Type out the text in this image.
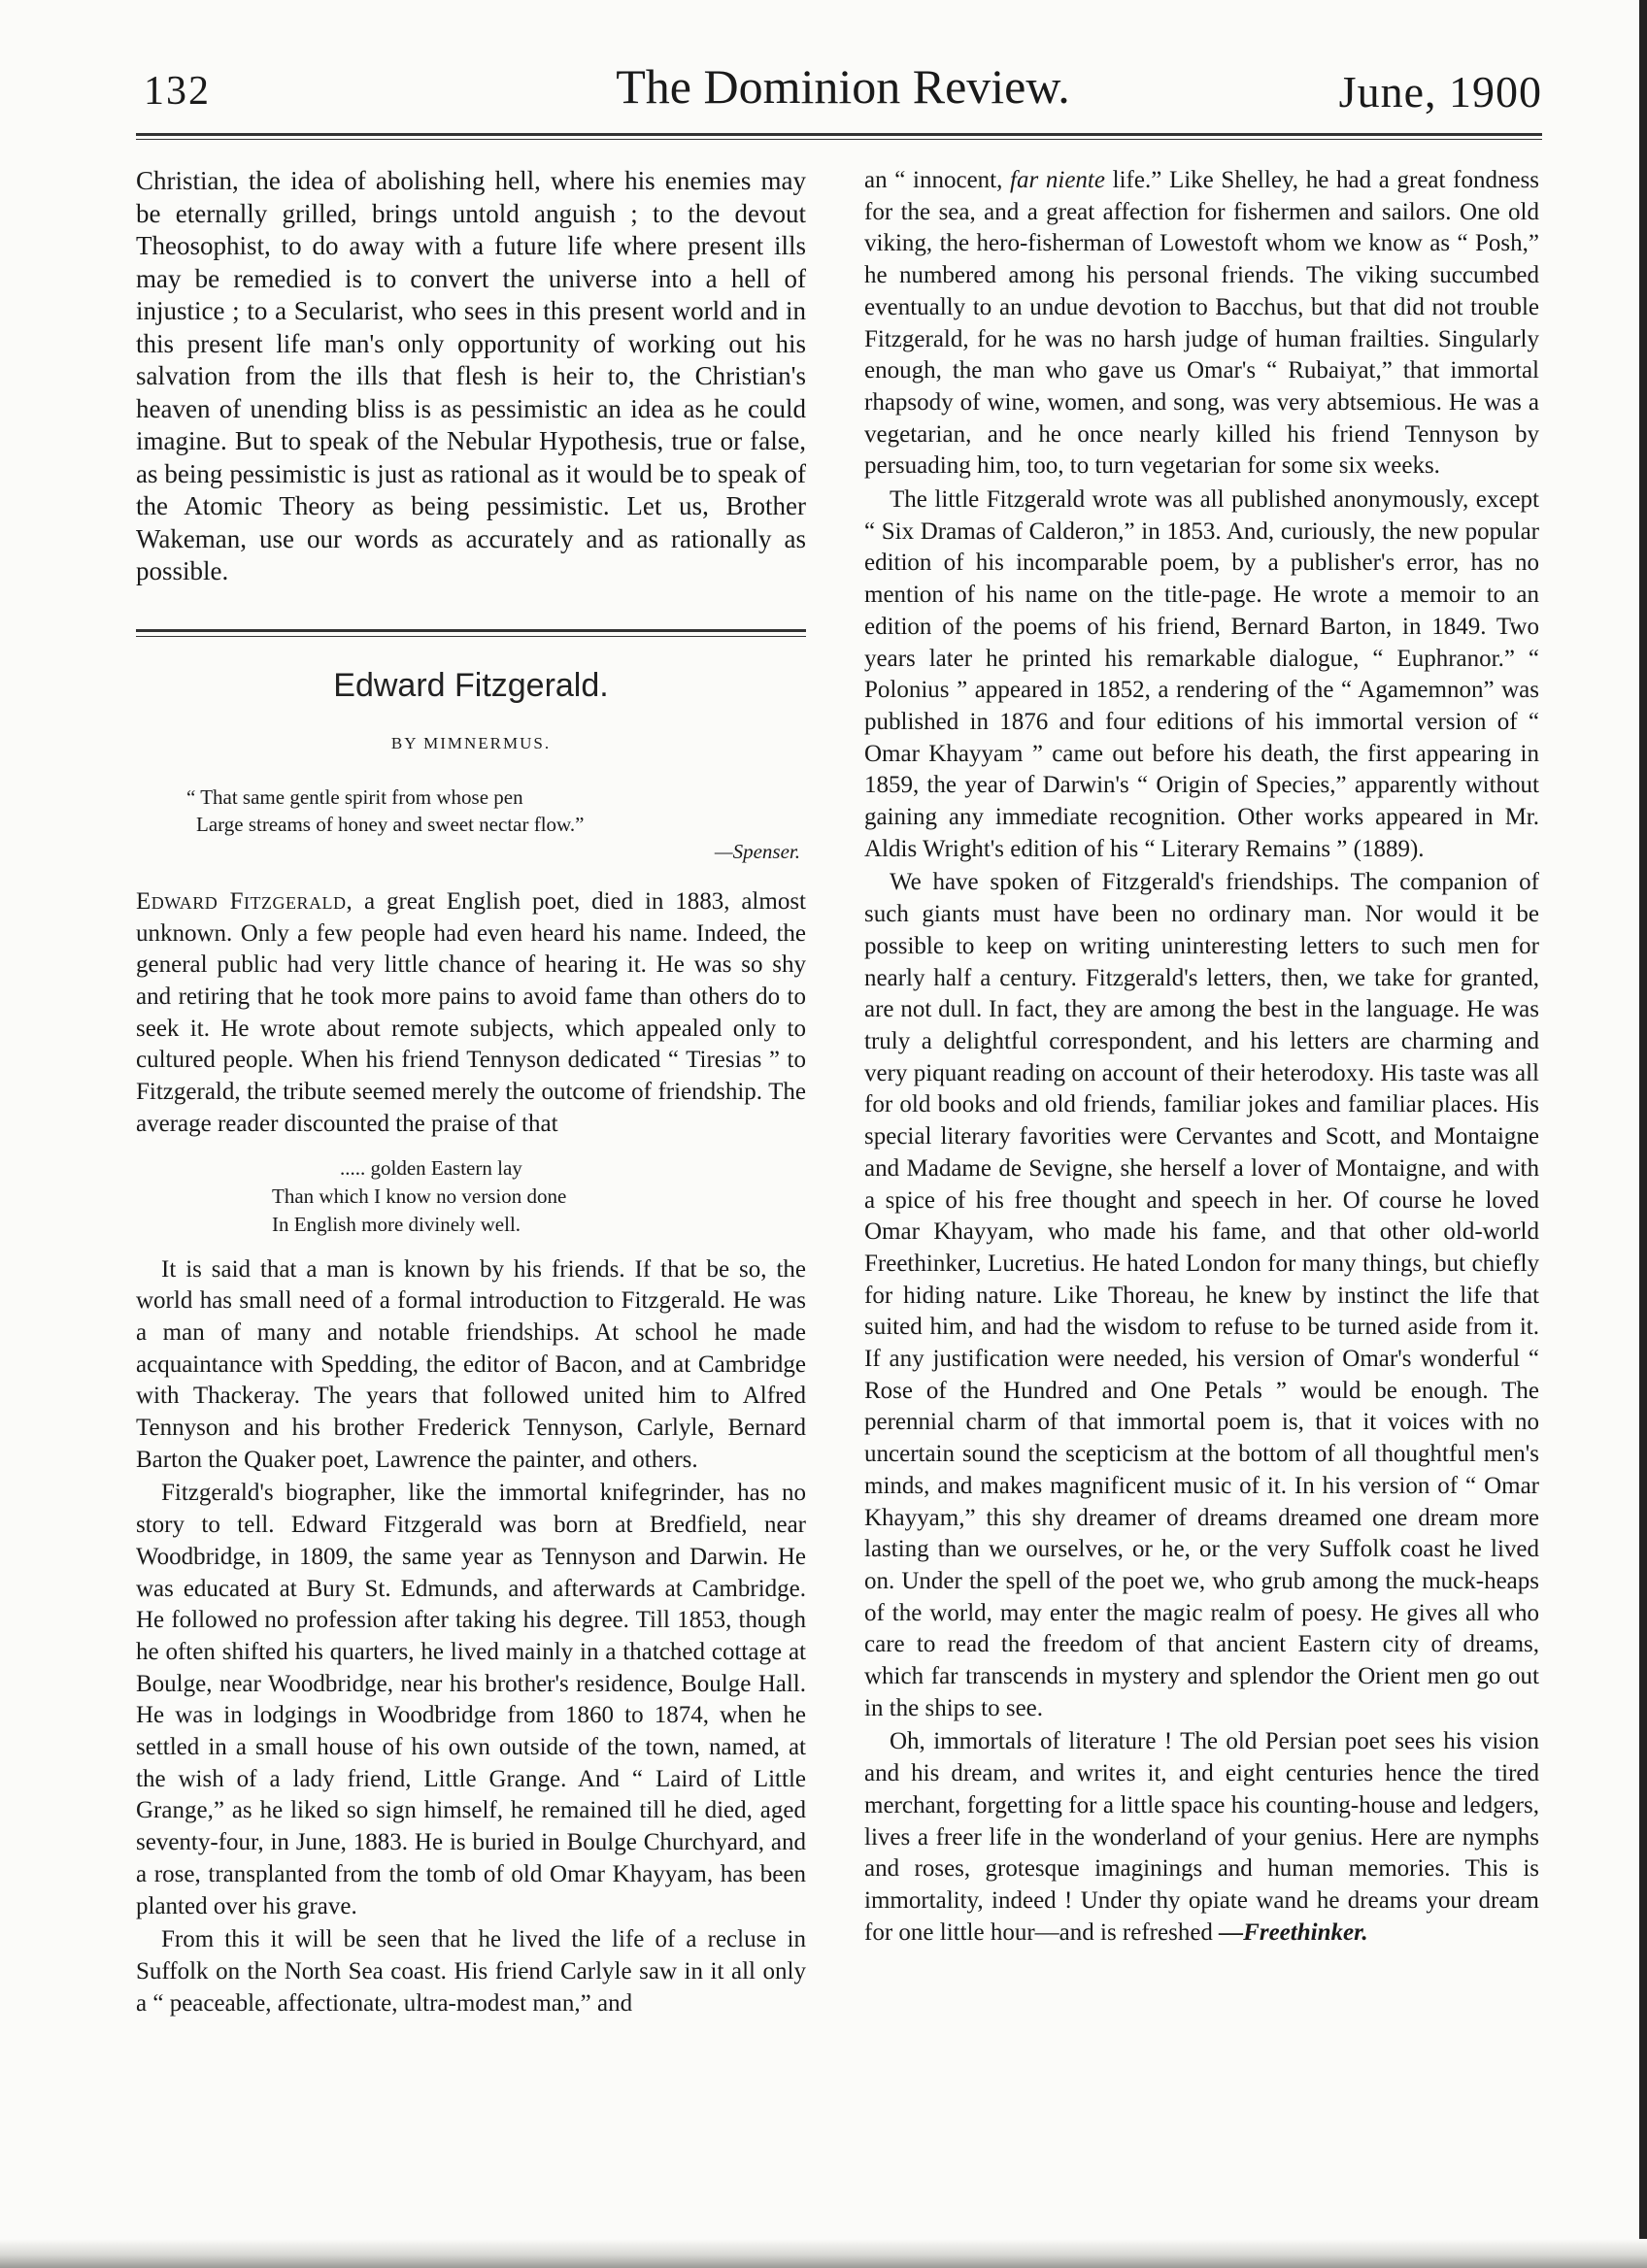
132	The Dominion Review.	June, 1900

Christian, the idea of abolishing hell, where his enemies may be eternally grilled, brings untold anguish ; to the devout Theosophist, to do away with a future life where present ills may be remedied is to convert the universe into a hell of injustice ; to a Secularist, who sees in this present world and in this present life man's only opportunity of working out his salvation from the ills that flesh is heir to, the Christian's heaven of unending bliss is as pessimistic an idea as he could imagine. But to speak of the Nebular Hypothesis, true or false, as being pessimistic is just as rational as it would be to speak of the Atomic Theory as being pessimistic. Let us, Brother Wakeman, use our words as accurately and as rationally as possible.

Edward Fitzgerald.
BY MIMNERMUS.
“ That same gentle spirit from whose pen
Large streams of honey and sweet nectar flow.”
—Spenser.

Edward Fitzgerald, a great English poet, died in 1883, almost unknown. Only a few people had even heard his name. Indeed, the general public had very little chance of hearing it. He was so shy and retiring that he took more pains to avoid fame than others do to seek it. He wrote about remote subjects, which appealed only to cultured people. When his friend Tennyson dedicated “ Tiresias ” to Fitzgerald, the tribute seemed merely the outcome of friendship. The average reader discounted the praise of that

..... golden Eastern lay
Than which I know no version done
In English more divinely well.

It is said that a man is known by his friends. If that be so, the world has small need of a formal introduction to Fitzgerald. He was a man of many and notable friendships. At school he made acquaintance with Spedding, the editor of Bacon, and at Cambridge with Thackeray. The years that followed united him to Alfred Tennyson and his brother Frederick Tennyson, Carlyle, Bernard Barton the Quaker poet, Lawrence the painter, and others.

Fitzgerald's biographer, like the immortal knifegrinder, has no story to tell. Edward Fitzgerald was born at Bredfield, near Woodbridge, in 1809, the same year as Tennyson and Darwin. He was educated at Bury St. Edmunds, and afterwards at Cambridge. He followed no profession after taking his degree. Till 1853, though he often shifted his quarters, he lived mainly in a thatched cottage at Boulge, near Woodbridge, near his brother's residence, Boulge Hall. He was in lodgings in Woodbridge from 1860 to 1874, when he settled in a small house of his own outside of the town, named, at the wish of a lady friend, Little Grange. And “ Laird of Little Grange,” as he liked so sign himself, he remained till he died, aged seventy-four, in June, 1883. He is buried in Boulge Churchyard, and a rose, transplanted from the tomb of old Omar Khayyam, has been planted over his grave.

From this it will be seen that he lived the life of a recluse in Suffolk on the North Sea coast. His friend Carlyle saw in it all only a “ peaceable, affectionate, ultra-modest man,” and

an “ innocent, far niente life.” Like Shelley, he had a great fondness for the sea, and a great affection for fishermen and sailors. One old viking, the hero-fisherman of Lowestoft whom we know as “ Posh,” he numbered among his personal friends. The viking succumbed eventually to an undue devotion to Bacchus, but that did not trouble Fitzgerald, for he was no harsh judge of human frailties. Singularly enough, the man who gave us Omar's “ Rubaiyat,” that immortal rhapsody of wine, women, and song, was very abtsemious. He was a vegetarian, and he once nearly killed his friend Tennyson by persuading him, too, to turn vegetarian for some six weeks.

The little Fitzgerald wrote was all published anonymously, except “ Six Dramas of Calderon,” in 1853. And, curiously, the new popular edition of his incomparable poem, by a publisher's error, has no mention of his name on the title-page. He wrote a memoir to an edition of the poems of his friend, Bernard Barton, in 1849. Two years later he printed his remarkable dialogue, “ Euphranor.” “ Polonius ” appeared in 1852, a rendering of the “ Agamemnon” was published in 1876 and four editions of his immortal version of “ Omar Khayyam ” came out before his death, the first appearing in 1859, the year of Darwin's “ Origin of Species,” apparently without gaining any immediate recognition. Other works appeared in Mr. Aldis Wright's edition of his “ Literary Remains ” (1889).

We have spoken of Fitzgerald's friendships. The companion of such giants must have been no ordinary man. Nor would it be possible to keep on writing uninteresting letters to such men for nearly half a century. Fitzgerald's letters, then, we take for granted, are not dull. In fact, they are among the best in the language. He was truly a delightful correspondent, and his letters are charming and very piquant reading on account of their heterodoxy. His taste was all for old books and old friends, familiar jokes and familiar places. His special literary favorities were Cervantes and Scott, and Montaigne and Madame de Sevigne, she herself a lover of Montaigne, and with a spice of his free thought and speech in her. Of course he loved Omar Khayyam, who made his fame, and that other old-world Freethinker, Lucretius. He hated London for many things, but chiefly for hiding nature. Like Thoreau, he knew by instinct the life that suited him, and had the wisdom to refuse to be turned aside from it. If any justification were needed, his version of Omar's wonderful “ Rose of the Hundred and One Petals ” would be enough. The perennial charm of that immortal poem is, that it voices with no uncertain sound the scepticism at the bottom of all thoughtful men's minds, and makes magnificent music of it. In his version of “ Omar Khayyam,” this shy dreamer of dreams dreamed one dream more lasting than we ourselves, or he, or the very Suffolk coast he lived on. Under the spell of the poet we, who grub among the muck-heaps of the world, may enter the magic realm of poesy. He gives all who care to read the freedom of that ancient Eastern city of dreams, which far transcends in mystery and splendor the Orient men go out in the ships to see.

Oh, immortals of literature ! The old Persian poet sees his vision and his dream, and writes it, and eight centuries hence the tired merchant, forgetting for a little space his counting-house and ledgers, lives a freer life in the wonderland of your genius. Here are nymphs and roses, grotesque imaginings and human memories. This is immortality, indeed ! Under thy opiate wand he dreams your dream for one little hour—and is refreshed —Freethinker.
